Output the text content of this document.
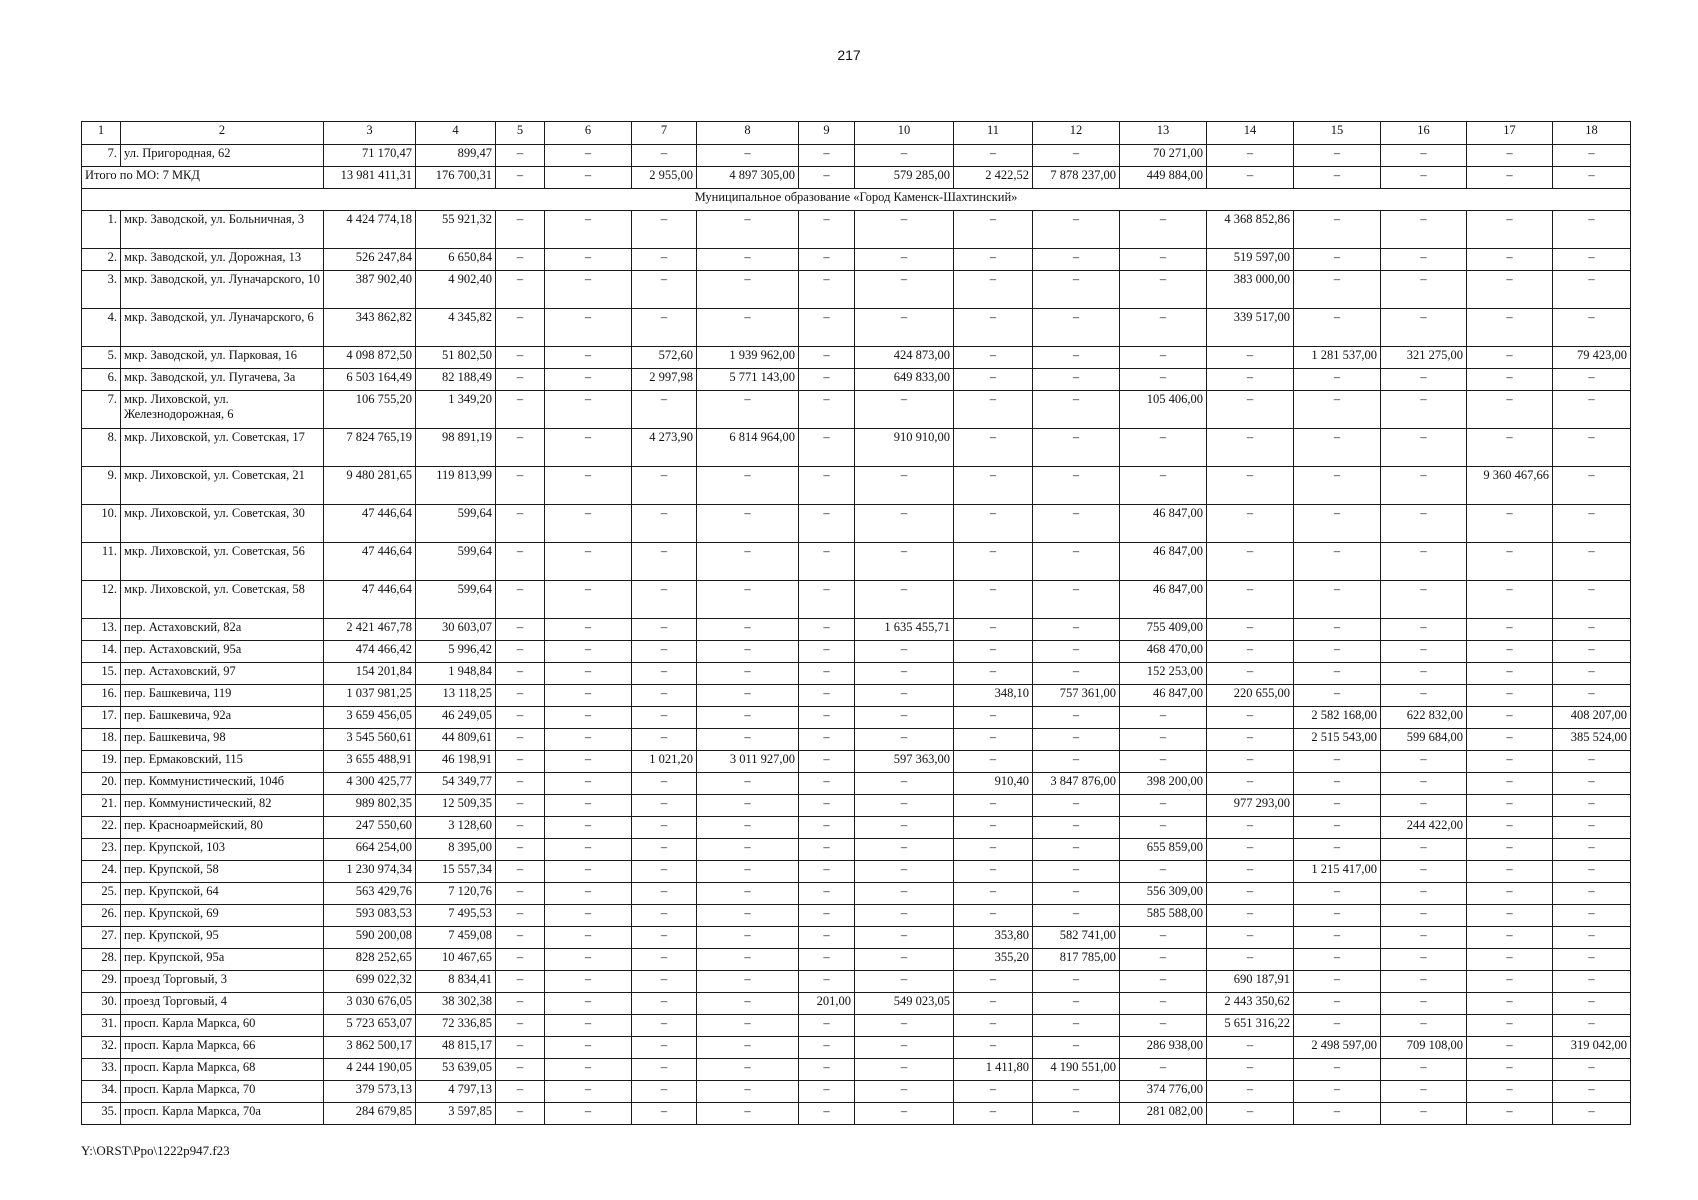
217
1	2	3	4	5	6	7	8	9	10	11	12	13	14	15	16	17	18
7.	ул. Пригородная, 62	71 170,47	899,47	–	–	–	–	–	–	–	–	70 271,00	–	–	–	–	–
Итого по МО: 7 МКД		13 981 411,31	176 700,31	–	–	2 955,00	4 897 305,00	–	579 285,00	2 422,52	7 878 237,00	449 884,00	–	–	–	–	–
Муниципальное образование «Город Каменск-Шахтинский»																	
1.	мкр. Заводской, ул. Больничная, 3	4 424 774,18	55 921,32	–	–	–	–	–	–	–	–	–	4 368 852,86	–	–	–	–
2.	мкр. Заводской, ул. Дорожная, 13	526 247,84	6 650,84	–	–	–	–	–	–	–	–	–	519 597,00	–	–	–	–
3.	мкр. Заводской, ул. Луначарского, 10	387 902,40	4 902,40	–	–	–	–	–	–	–	–	–	383 000,00	–	–	–	–
4.	мкр. Заводской, ул. Луначарского, 6	343 862,82	4 345,82	–	–	–	–	–	–	–	–	–	339 517,00	–	–	–	–
5.	мкр. Заводской, ул. Парковая, 16	4 098 872,50	51 802,50	–	–	572,60	1 939 962,00	–	424 873,00	–	–	–	–	1 281 537,00	321 275,00	–	79 423,00
6.	мкр. Заводской, ул. Пугачева, 3а	6 503 164,49	82 188,49	–	–	2 997,98	5 771 143,00	–	649 833,00	–	–	–	–	–	–	–	–
7.	мкр. Лиховской, ул. Железнодорожная, 6	106 755,20	1 349,20	–	–	–	–	–	–	–	–	105 406,00	–	–	–	–	–
8.	мкр. Лиховской, ул. Советская, 17	7 824 765,19	98 891,19	–	–	4 273,90	6 814 964,00	–	910 910,00	–	–	–	–	–	–	–	–
9.	мкр. Лиховской, ул. Советская, 21	9 480 281,65	119 813,99	–	–	–	–	–	–	–	–	–	–	–	–	9 360 467,66	–
10.	мкр. Лиховской, ул. Советская, 30	47 446,64	599,64	–	–	–	–	–	–	–	–	46 847,00	–	–	–	–	–
11.	мкр. Лиховской, ул. Советская, 56	47 446,64	599,64	–	–	–	–	–	–	–	–	46 847,00	–	–	–	–	–
12.	мкр. Лиховской, ул. Советская, 58	47 446,64	599,64	–	–	–	–	–	–	–	–	46 847,00	–	–	–	–	–
13.	пер. Астаховский, 82а	2 421 467,78	30 603,07	–	–	–	–	–	1 635 455,71	–	–	755 409,00	–	–	–	–	–
14.	пер. Астаховский, 95а	474 466,42	5 996,42	–	–	–	–	–	–	–	–	468 470,00	–	–	–	–	–
15.	пер. Астаховский, 97	154 201,84	1 948,84	–	–	–	–	–	–	–	–	152 253,00	–	–	–	–	–
16.	пер. Башкевича, 119	1 037 981,25	13 118,25	–	–	–	–	–	–	348,10	757 361,00	46 847,00	220 655,00	–	–	–	–
17.	пер. Башкевича, 92а	3 659 456,05	46 249,05	–	–	–	–	–	–	–	–	–	–	2 582 168,00	622 832,00	–	408 207,00
18.	пер. Башкевича, 98	3 545 560,61	44 809,61	–	–	–	–	–	–	–	–	–	–	2 515 543,00	599 684,00	–	385 524,00
19.	пер. Ермаковский, 115	3 655 488,91	46 198,91	–	–	1 021,20	3 011 927,00	–	597 363,00	–	–	–	–	–	–	–	–
20.	пер. Коммунистический, 104б	4 300 425,77	54 349,77	–	–	–	–	–	–	910,40	3 847 876,00	398 200,00	–	–	–	–	–
21.	пер. Коммунистический, 82	989 802,35	12 509,35	–	–	–	–	–	–	–	–	–	977 293,00	–	–	–	–
22.	пер. Красноармейский, 80	247 550,60	3 128,60	–	–	–	–	–	–	–	–	–	–	–	244 422,00	–	–
23.	пер. Крупской, 103	664 254,00	8 395,00	–	–	–	–	–	–	–	–	655 859,00	–	–	–	–	–
24.	пер. Крупской, 58	1 230 974,34	15 557,34	–	–	–	–	–	–	–	–	–	–	1 215 417,00	–	–	–
25.	пер. Крупской, 64	563 429,76	7 120,76	–	–	–	–	–	–	–	–	556 309,00	–	–	–	–	–
26.	пер. Крупской, 69	593 083,53	7 495,53	–	–	–	–	–	–	–	–	585 588,00	–	–	–	–	–
27.	пер. Крупской, 95	590 200,08	7 459,08	–	–	–	–	–	–	353,80	582 741,00	–	–	–	–	–	–
28.	пер. Крупской, 95а	828 252,65	10 467,65	–	–	–	–	–	–	355,20	817 785,00	–	–	–	–	–	–
29.	проезд Торговый, 3	699 022,32	8 834,41	–	–	–	–	–	–	–	–	–	690 187,91	–	–	–	–
30.	проезд Торговый, 4	3 030 676,05	38 302,38	–	–	–	–	201,00	549 023,05	–	–	–	2 443 350,62	–	–	–	–
31.	просп. Карла Маркса, 60	5 723 653,07	72 336,85	–	–	–	–	–	–	–	–	–	5 651 316,22	–	–	–	–
32.	просп. Карла Маркса, 66	3 862 500,17	48 815,17	–	–	–	–	–	–	–	–	286 938,00	–	2 498 597,00	709 108,00	–	319 042,00
33.	просп. Карла Маркса, 68	4 244 190,05	53 639,05	–	–	–	–	–	–	1 411,80	4 190 551,00	–	–	–	–	–	–
34.	просп. Карла Маркса, 70	379 573,13	4 797,13	–	–	–	–	–	–	–	–	374 776,00	–	–	–	–	–
35.	просп. Карла Маркса, 70а	284 679,85	3 597,85	–	–	–	–	–	–	–	–	281 082,00	–	–	–	–	–
Y:\ORST\Ppo\1222p947.f23
